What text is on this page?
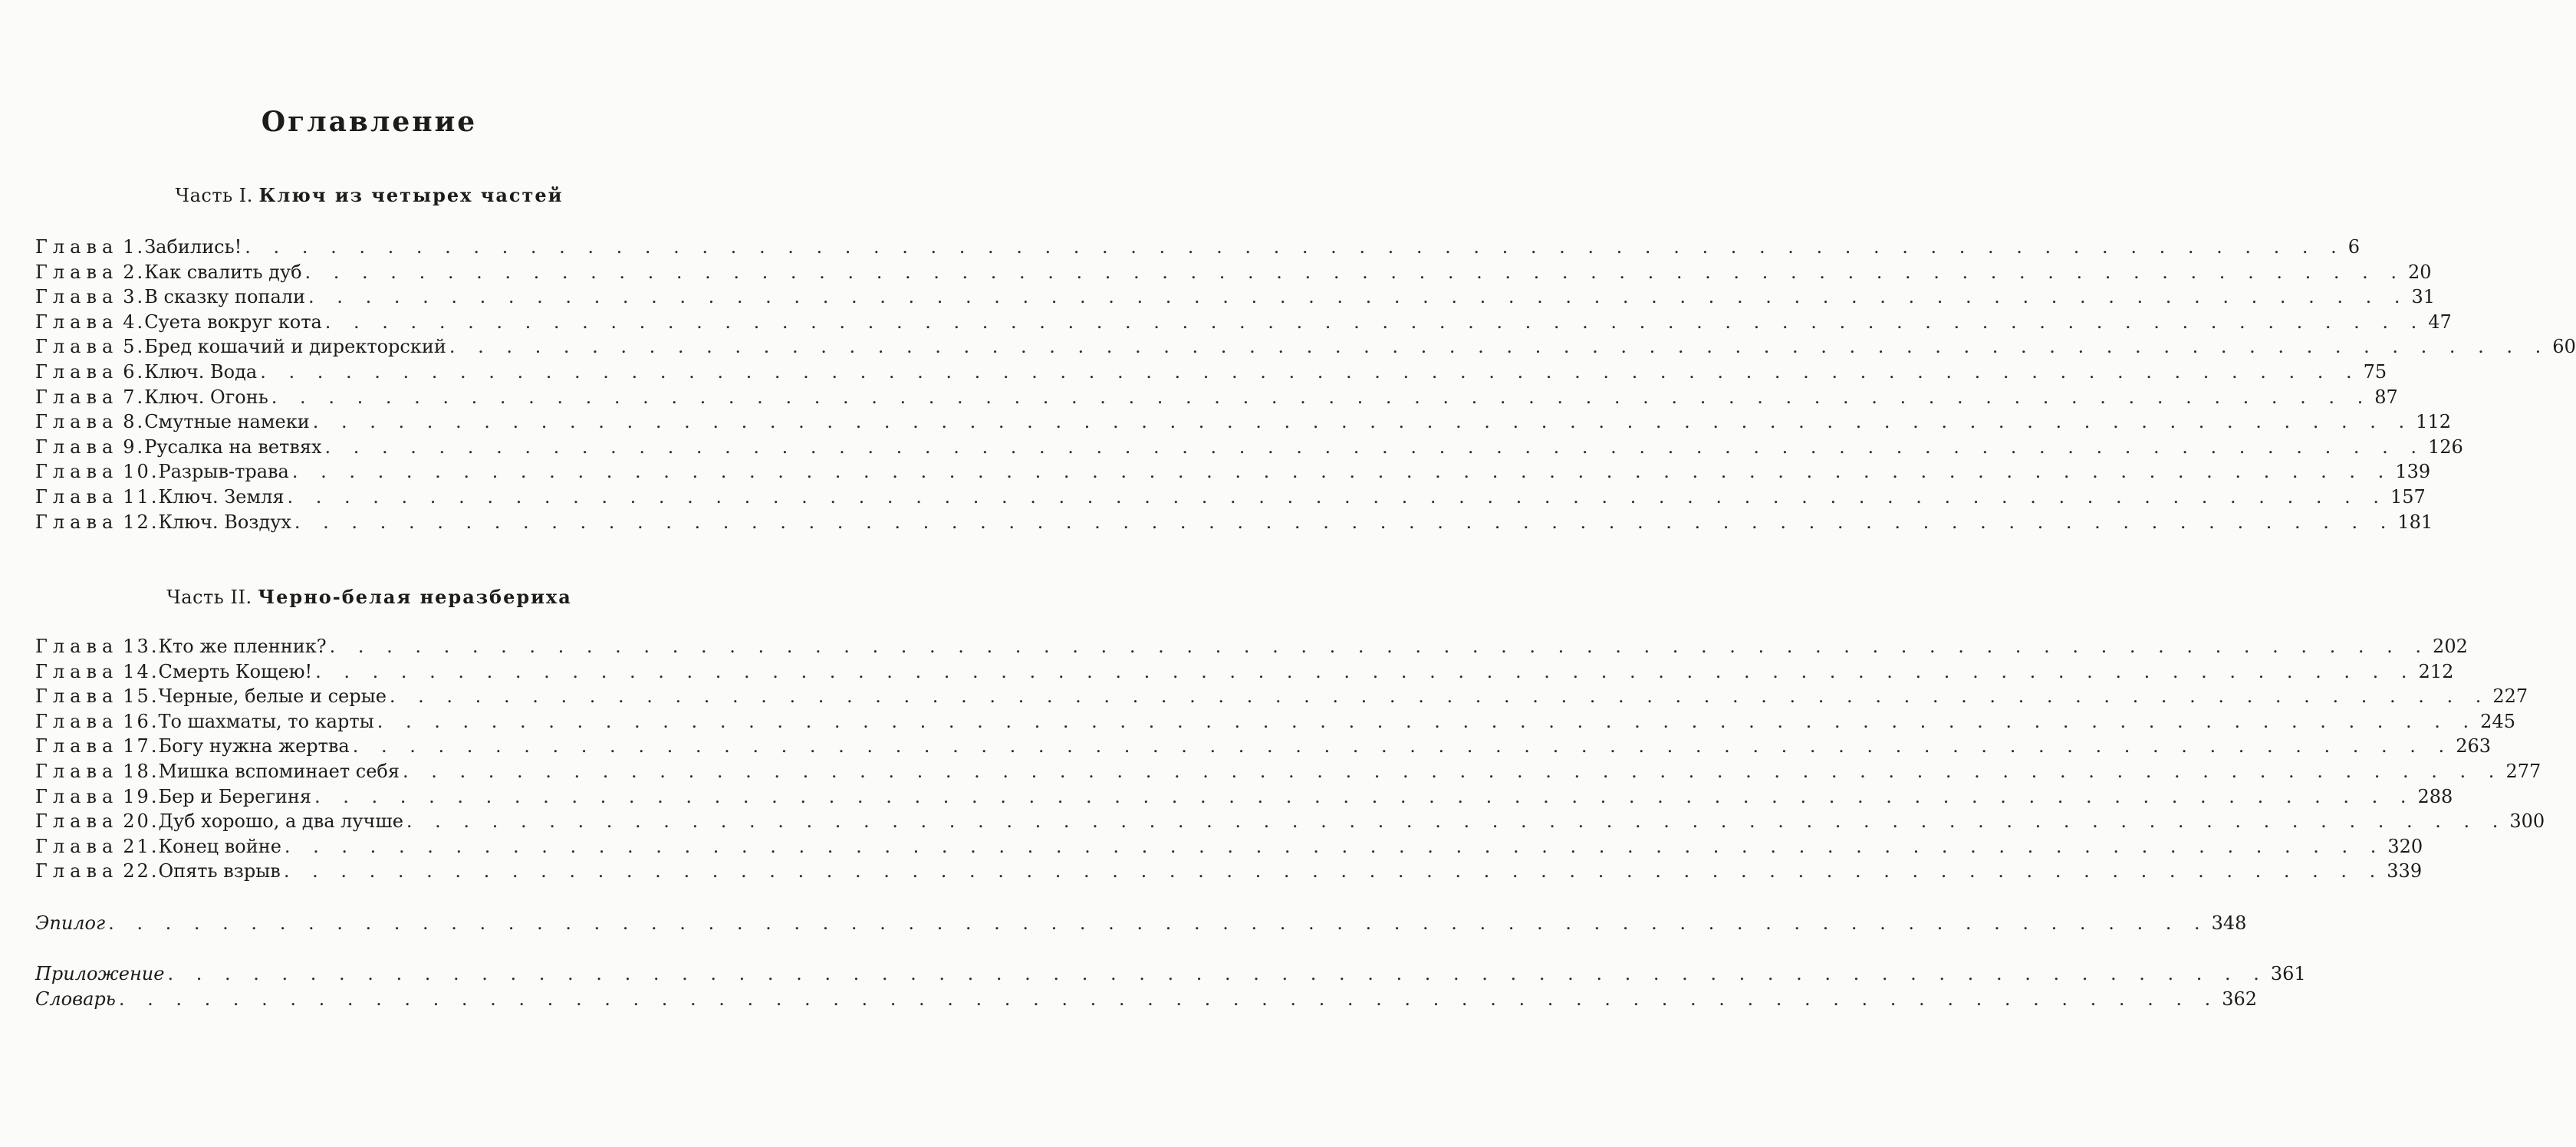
Оглавление
Часть I. Ключ из четырех частей
Глава 1 . Забились! . . . . . . . . . . . . . . . . . . . . . . . . . . . . . . . . . . . . . . . . . . . . . . . . . . . . . . . . . . . . . . . . . . . . . . . . . . 6
Глава 2 . Как свалить дуб . . . . . . . . . . . . . . . . . . . . . . . . . . . . . . . . . . . . . . . . . . . . . . . . . . . . . . . . . . . . . . . . . . . . . . . . . . 20
Глава 3 . В сказку попали . . . . . . . . . . . . . . . . . . . . . . . . . . . . . . . . . . . . . . . . . . . . . . . . . . . . . . . . . . . . . . . . . . . . . . . . . . 31
Глава 4 . Суета вокруг кота . . . . . . . . . . . . . . . . . . . . . . . . . . . . . . . . . . . . . . . . . . . . . . . . . . . . . . . . . . . . . . . . . . . . . . . . . . 47
Глава 5 . Бред кошачий и директорский . . . . . . . . . . . . . . . . . . . . . . . . . . . . . . . . . . . . . . . . . . . . . . . . . . . . . . . . . . . . . . . . . . . . . . . . . . 60
Глава 6 . Ключ. Вода . . . . . . . . . . . . . . . . . . . . . . . . . . . . . . . . . . . . . . . . . . . . . . . . . . . . . . . . . . . . . . . . . . . . . . . . . . 75
Глава 7 . Ключ. Огонь . . . . . . . . . . . . . . . . . . . . . . . . . . . . . . . . . . . . . . . . . . . . . . . . . . . . . . . . . . . . . . . . . . . . . . . . . . 87
Глава 8 . Смутные намеки . . . . . . . . . . . . . . . . . . . . . . . . . . . . . . . . . . . . . . . . . . . . . . . . . . . . . . . . . . . . . . . . . . . . . . . . . . 112
Глава 9 . Русалка на ветвях . . . . . . . . . . . . . . . . . . . . . . . . . . . . . . . . . . . . . . . . . . . . . . . . . . . . . . . . . . . . . . . . . . . . . . . . . . 126
Глава 10 . Разрыв-трава . . . . . . . . . . . . . . . . . . . . . . . . . . . . . . . . . . . . . . . . . . . . . . . . . . . . . . . . . . . . . . . . . . . . . . . . . . 139
Глава 11 . Ключ. Земля . . . . . . . . . . . . . . . . . . . . . . . . . . . . . . . . . . . . . . . . . . . . . . . . . . . . . . . . . . . . . . . . . . . . . . . . . . 157
Глава 12 . Ключ. Воздух . . . . . . . . . . . . . . . . . . . . . . . . . . . . . . . . . . . . . . . . . . . . . . . . . . . . . . . . . . . . . . . . . . . . . . . . . . 181
Часть II. Черно-белая неразбериха
Глава 13 . Кто же пленник? . . . . . . . . . . . . . . . . . . . . . . . . . . . . . . . . . . . . . . . . . . . . . . . . . . . . . . . . . . . . . . . . . . . . . . . . . . 202
Глава 14 . Смерть Кощею! . . . . . . . . . . . . . . . . . . . . . . . . . . . . . . . . . . . . . . . . . . . . . . . . . . . . . . . . . . . . . . . . . . . . . . . . . . 212
Глава 15 . Черные, белые и серые . . . . . . . . . . . . . . . . . . . . . . . . . . . . . . . . . . . . . . . . . . . . . . . . . . . . . . . . . . . . . . . . . . . . . . . . . . 227
Глава 16 . То шахматы, то карты . . . . . . . . . . . . . . . . . . . . . . . . . . . . . . . . . . . . . . . . . . . . . . . . . . . . . . . . . . . . . . . . . . . . . . . . . . 245
Глава 17 . Богу нужна жертва . . . . . . . . . . . . . . . . . . . . . . . . . . . . . . . . . . . . . . . . . . . . . . . . . . . . . . . . . . . . . . . . . . . . . . . . . . 263
Глава 18 . Мишка вспоминает себя . . . . . . . . . . . . . . . . . . . . . . . . . . . . . . . . . . . . . . . . . . . . . . . . . . . . . . . . . . . . . . . . . . . . . . . . . . 277
Глава 19 . Бер и Берегиня . . . . . . . . . . . . . . . . . . . . . . . . . . . . . . . . . . . . . . . . . . . . . . . . . . . . . . . . . . . . . . . . . . . . . . . . . . 288
Глава 20 . Дуб хорошо, а два лучше . . . . . . . . . . . . . . . . . . . . . . . . . . . . . . . . . . . . . . . . . . . . . . . . . . . . . . . . . . . . . . . . . . . . . . . . . . 300
Глава 21 . Конец войне . . . . . . . . . . . . . . . . . . . . . . . . . . . . . . . . . . . . . . . . . . . . . . . . . . . . . . . . . . . . . . . . . . . . . . . . . . 320
Глава 22 . Опять взрыв . . . . . . . . . . . . . . . . . . . . . . . . . . . . . . . . . . . . . . . . . . . . . . . . . . . . . . . . . . . . . . . . . . . . . . . . . . 339
Эпилог . . . . . . . . . . . . . . . . . . . . . . . . . . . . . . . . . . . . . . . . . . . . . . . . . . . . . . . . . . . . . . . . . . . . . . . . . . 348
Приложение . . . . . . . . . . . . . . . . . . . . . . . . . . . . . . . . . . . . . . . . . . . . . . . . . . . . . . . . . . . . . . . . . . . . . . . . . . 361
Словарь . . . . . . . . . . . . . . . . . . . . . . . . . . . . . . . . . . . . . . . . . . . . . . . . . . . . . . . . . . . . . . . . . . . . . . . . . . 362
